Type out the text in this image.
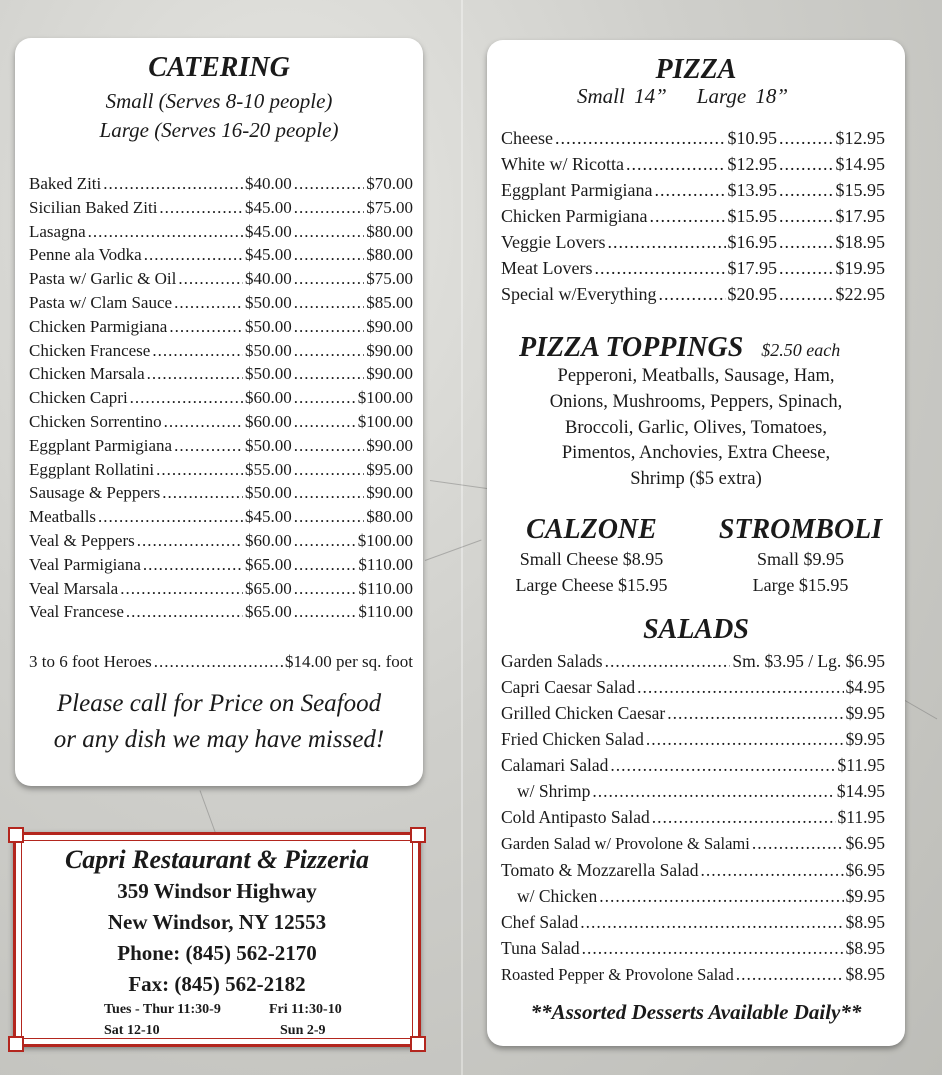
CATERING
Small (Serves 8-10 people)
Large (Serves 16-20 people)
Baked Ziti .....	$40.00 .....	$70.00
Sicilian Baked Ziti .....	$45.00 .....	$75.00
Lasagna .....	$45.00 .....	$80.00
Penne ala Vodka .....	$45.00 .....	$80.00
Pasta w/ Garlic & Oil .....	$40.00 .....	$75.00
Pasta w/ Clam Sauce .....	$50.00 .....	$85.00
Chicken Parmigiana .....	$50.00 .....	$90.00
Chicken Francese .....	$50.00 .....	$90.00
Chicken Marsala .....	$50.00 .....	$90.00
Chicken Capri .....	$60.00 .....	$100.00
Chicken Sorrentino .....	$60.00 .....	$100.00
Eggplant Parmigiana .....	$50.00 .....	$90.00
Eggplant Rollatini .....	$55.00 .....	$95.00
Sausage & Peppers .....	$50.00 .....	$90.00
Meatballs .....	$45.00 .....	$80.00
Veal & Peppers .....	$60.00 .....	$100.00
Veal Parmigiana .....	$65.00 .....	$110.00
Veal Marsala .....	$65.00 .....	$110.00
Veal Francese .....	$65.00 .....	$110.00
3 to 6 foot Heroes .....	$14.00 per sq. foot
Please call for Price on Seafood
or any dish we may have missed!
Capri Restaurant & Pizzeria
359 Windsor Highway
New Windsor, NY 12553
Phone: (845) 562-2170
Fax: (845) 562-2182
Tues - Thur 11:30-9	Fri 11:30-10
Sat 12-10	Sun 2-9
PIZZA
Small 14” Large 18”
Cheese .....	$10.95 .....	$12.95
White w/ Ricotta .....	$12.95 .....	$14.95
Eggplant Parmigiana .....	$13.95 .....	$15.95
Chicken Parmigiana .....	$15.95 .....	$17.95
Veggie Lovers .....	$16.95 .....	$18.95
Meat Lovers .....	$17.95 .....	$19.95
Special w/Everything .....	$20.95 .....	$22.95
PIZZA TOPPINGS $2.50 each
Pepperoni, Meatballs, Sausage, Ham,
Onions, Mushrooms, Peppers, Spinach,
Broccoli, Garlic, Olives, Tomatoes,
Pimentos, Anchovies, Extra Cheese,
Shrimp ($5 extra)
CALZONE
Small Cheese $8.95
Large Cheese $15.95
STROMBOLI
Small $9.95
Large $15.95
SALADS
Garden Salads .....	Sm. $3.95 / Lg. $6.95
Capri Caesar Salad .....	$4.95
Grilled Chicken Caesar .....	$9.95
Fried Chicken Salad .....	$9.95
Calamari Salad .....	$11.95
w/ Shrimp .....	$14.95
Cold Antipasto Salad .....	$11.95
Garden Salad w/ Provolone & Salami .....	$6.95
Tomato & Mozzarella Salad .....	$6.95
w/ Chicken .....	$9.95
Chef Salad .....	$8.95
Tuna Salad .....	$8.95
Roasted Pepper & Provolone Salad .....	$8.95
**Assorted Desserts Available Daily**
